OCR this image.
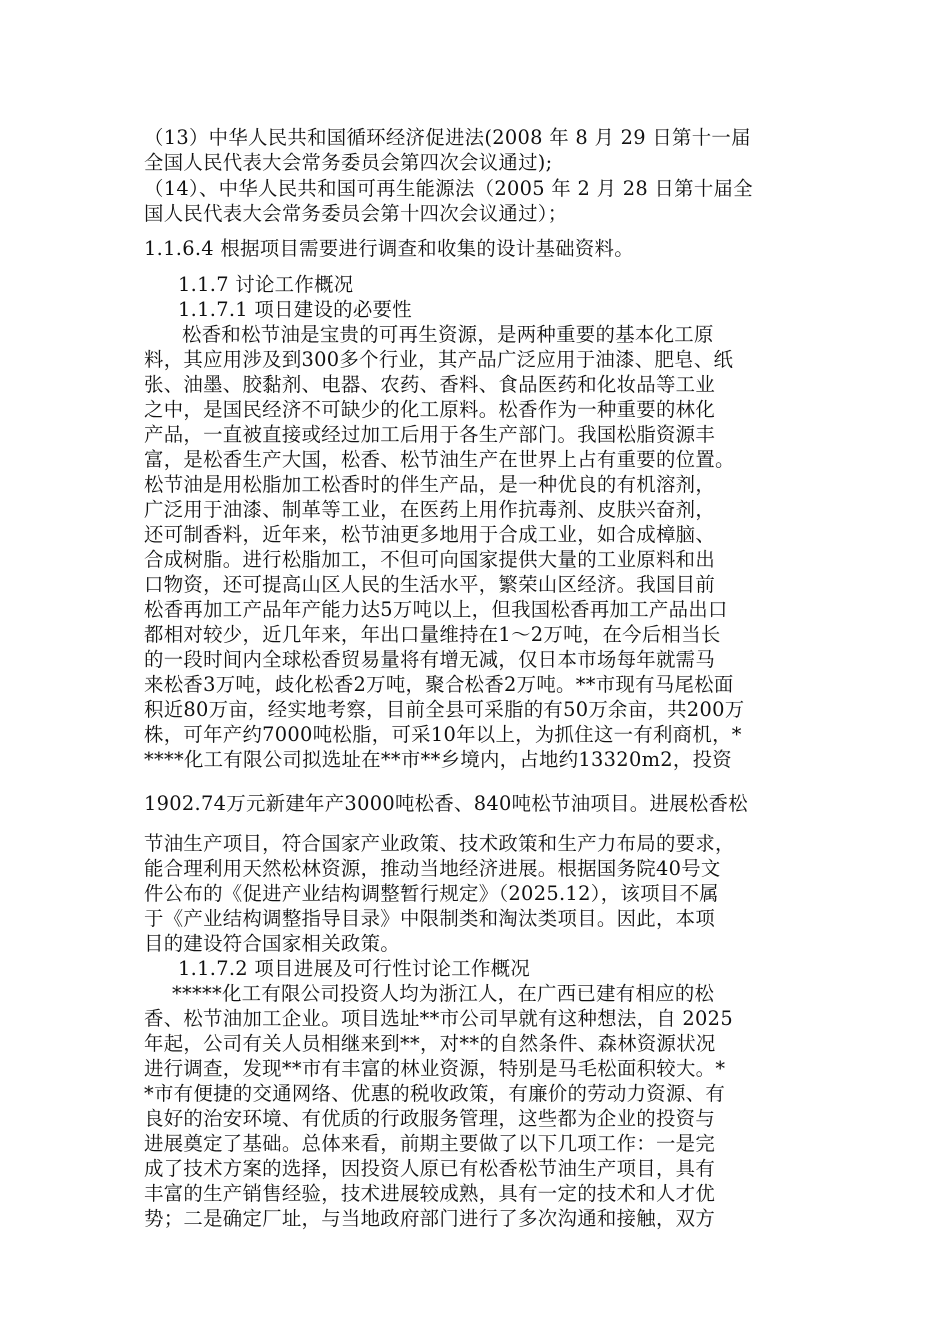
（13）中华人民共和国循环经济促进法(2008 年 8 月 29 日第十一届
全国人民代表大会常务委员会第四次会议通过);
（14）、中华人民共和国可再生能源法（2005 年 2 月 28 日第十届全
国人民代表大会常务委员会第十四次会议通过）；
1.1.6.4 根据项目需要进行调查和收集的设计基础资料。
1.1.7 讨论工作概况
1.1.7.1 项日建设的必要性
松香和松节油是宝贵的可再生资源，是两种重要的基本化工原
料，其应用涉及到300多个行业，其产品广泛应用于油漆、肥皂、纸
张、油墨、胶黏剂、电器、农药、香料、食品医药和化妆品等工业
之中，是国民经济不可缺少的化工原料。松香作为一种重要的林化
产品，一直被直接或经过加工后用于各生产部门。我国松脂资源丰
富，是松香生产大国，松香、松节油生产在世界上占有重要的位置。
松节油是用松脂加工松香时的伴生产品，是一种优良的有机溶剂，
广泛用于油漆、制革等工业，在医药上用作抗毒剂、皮肤兴奋剂，
还可制香料，近年来，松节油更多地用于合成工业，如合成樟脑、
合成树脂。进行松脂加工，不但可向国家提供大量的工业原料和出
口物资，还可提高山区人民的生活水平，繁荣山区经济。我国目前
松香再加工产品年产能力达5万吨以上，但我国松香再加工产品出口
都相对较少，近几年来，年出口量维持在1～2万吨，在今后相当长
的一段时间内全球松香贸易量将有增无减，仅日本市场每年就需马
来松香3万吨，歧化松香2万吨，聚合松香2万吨。**市现有马尾松面
积近80万亩，经实地考察，目前全县可采脂的有50万余亩，共200万
株，可年产约7000吨松脂，可采10年以上，为抓住这一有利商机，*
****化工有限公司拟选址在**市**乡境内，占地约13320m2，投资
1902.74万元新建年产3000吨松香、840吨松节油项目。进展松香松
节油生产项目，符合国家产业政策、技术政策和生产力布局的要求，
能合理利用天然松林资源，推动当地经济进展。根据国务院40号文
件公布的《促进产业结构调整暂行规定》（2025.12），该项目不属
于《产业结构调整指导目录》中限制类和淘汰类项目。因此，本项
目的建设符合国家相关政策。
1.1.7.2 项目进展及可行性讨论工作概况
*****化工有限公司投资人均为浙江人，在广西已建有相应的松
香、松节油加工企业。项目选址**市公司早就有这种想法，自 2025
年起，公司有关人员相继来到**，对**的自然条件、森林资源状况
进行调查，发现**市有丰富的林业资源，特别是马毛松面积较大。*
*市有便捷的交通网络、优惠的税收政策，有廉价的劳动力资源、有
良好的治安环境、有优质的行政服务管理，这些都为企业的投资与
进展奠定了基础。总体来看，前期主要做了以下几项工作：一是完
成了技术方案的选择，因投资人原已有松香松节油生产项目，具有
丰富的生产销售经验，技术进展较成熟，具有一定的技术和人才优
势；二是确定厂址，与当地政府部门进行了多次沟通和接触，双方
